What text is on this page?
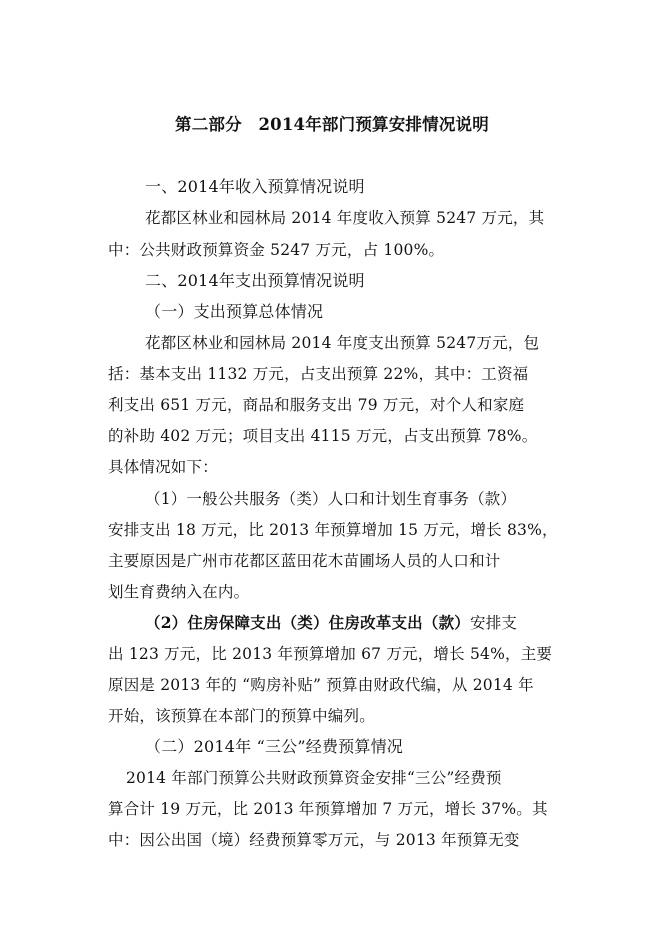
第二部分　2014年部门预算安排情况说明
一、2014年收入预算情况说明
花都区林业和园林局 2014 年度收入预算 5247 万元，其
中：公共财政预算资金 5247 万元，占 100%。
二、2014年支出预算情况说明
（一）支出预算总体情况
花都区林业和园林局 2014 年度支出预算 5247万元，包
括：基本支出 1132 万元，占支出预算 22%，其中：工资福
利支出 651 万元，商品和服务支出 79 万元，对个人和家庭
的补助 402 万元；项目支出 4115 万元，占支出预算 78%。
具体情况如下：
（1）一般公共服务（类）人口和计划生育事务（款）
安排支出 18 万元，比 2013 年预算增加 15 万元，增长 83%，
主要原因是广州市花都区蓝田花木苗圃场人员的人口和计
划生育费纳入在内。
（2）住房保障支出（类）住房改革支出（款）安排支
出 123 万元，比 2013 年预算增加 67 万元，增长 54%，主要
原因是 2013 年的 “购房补贴” 预算由财政代编，从 2014 年
开始，该预算在本部门的预算中编列。
（二）2014年 “三公”经费预算情况
2014 年部门预算公共财政预算资金安排“三公”经费预
算合计 19 万元，比 2013 年预算增加 7 万元，增长 37%。其
中：因公出国（境）经费预算零万元，与 2013 年预算无变
